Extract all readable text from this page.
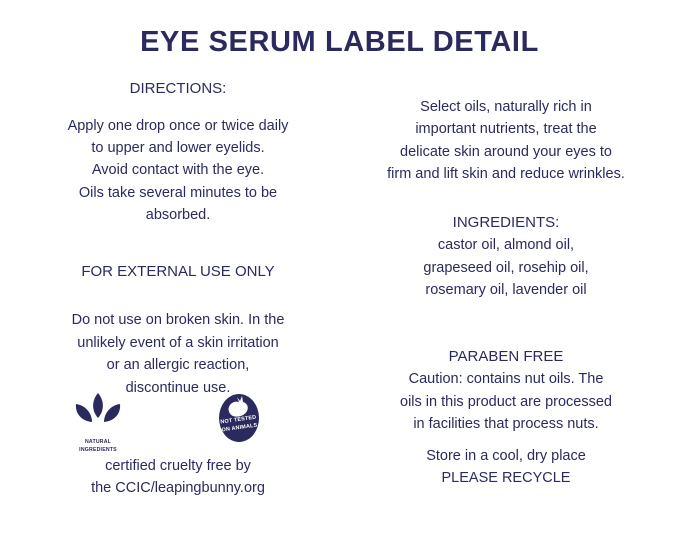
EYE SERUM LABEL DETAIL
DIRECTIONS:
Apply one drop once or twice daily
to upper and lower eyelids.
Avoid contact with the eye.
Oils take several minutes to be
absorbed.
FOR EXTERNAL USE ONLY
Do not use on broken skin. In the
unlikely event of a skin irritation
or an allergic reaction,
discontinue use.
NATURAL
INGREDIENTS
NOT TESTED
ON ANIMALS
certified cruelty free by
the CCIC/leapingbunny.org
Select oils, naturally rich in
important nutrients, treat the
delicate skin around your eyes to
firm and lift skin and reduce wrinkles.
INGREDIENTS:
castor oil, almond oil,
grapeseed oil, rosehip oil,
rosemary oil, lavender oil
PARABEN FREE
Caution: contains nut oils. The
oils in this product are processed
in facilities that process nuts.
Store in a cool, dry place
PLEASE RECYCLE
